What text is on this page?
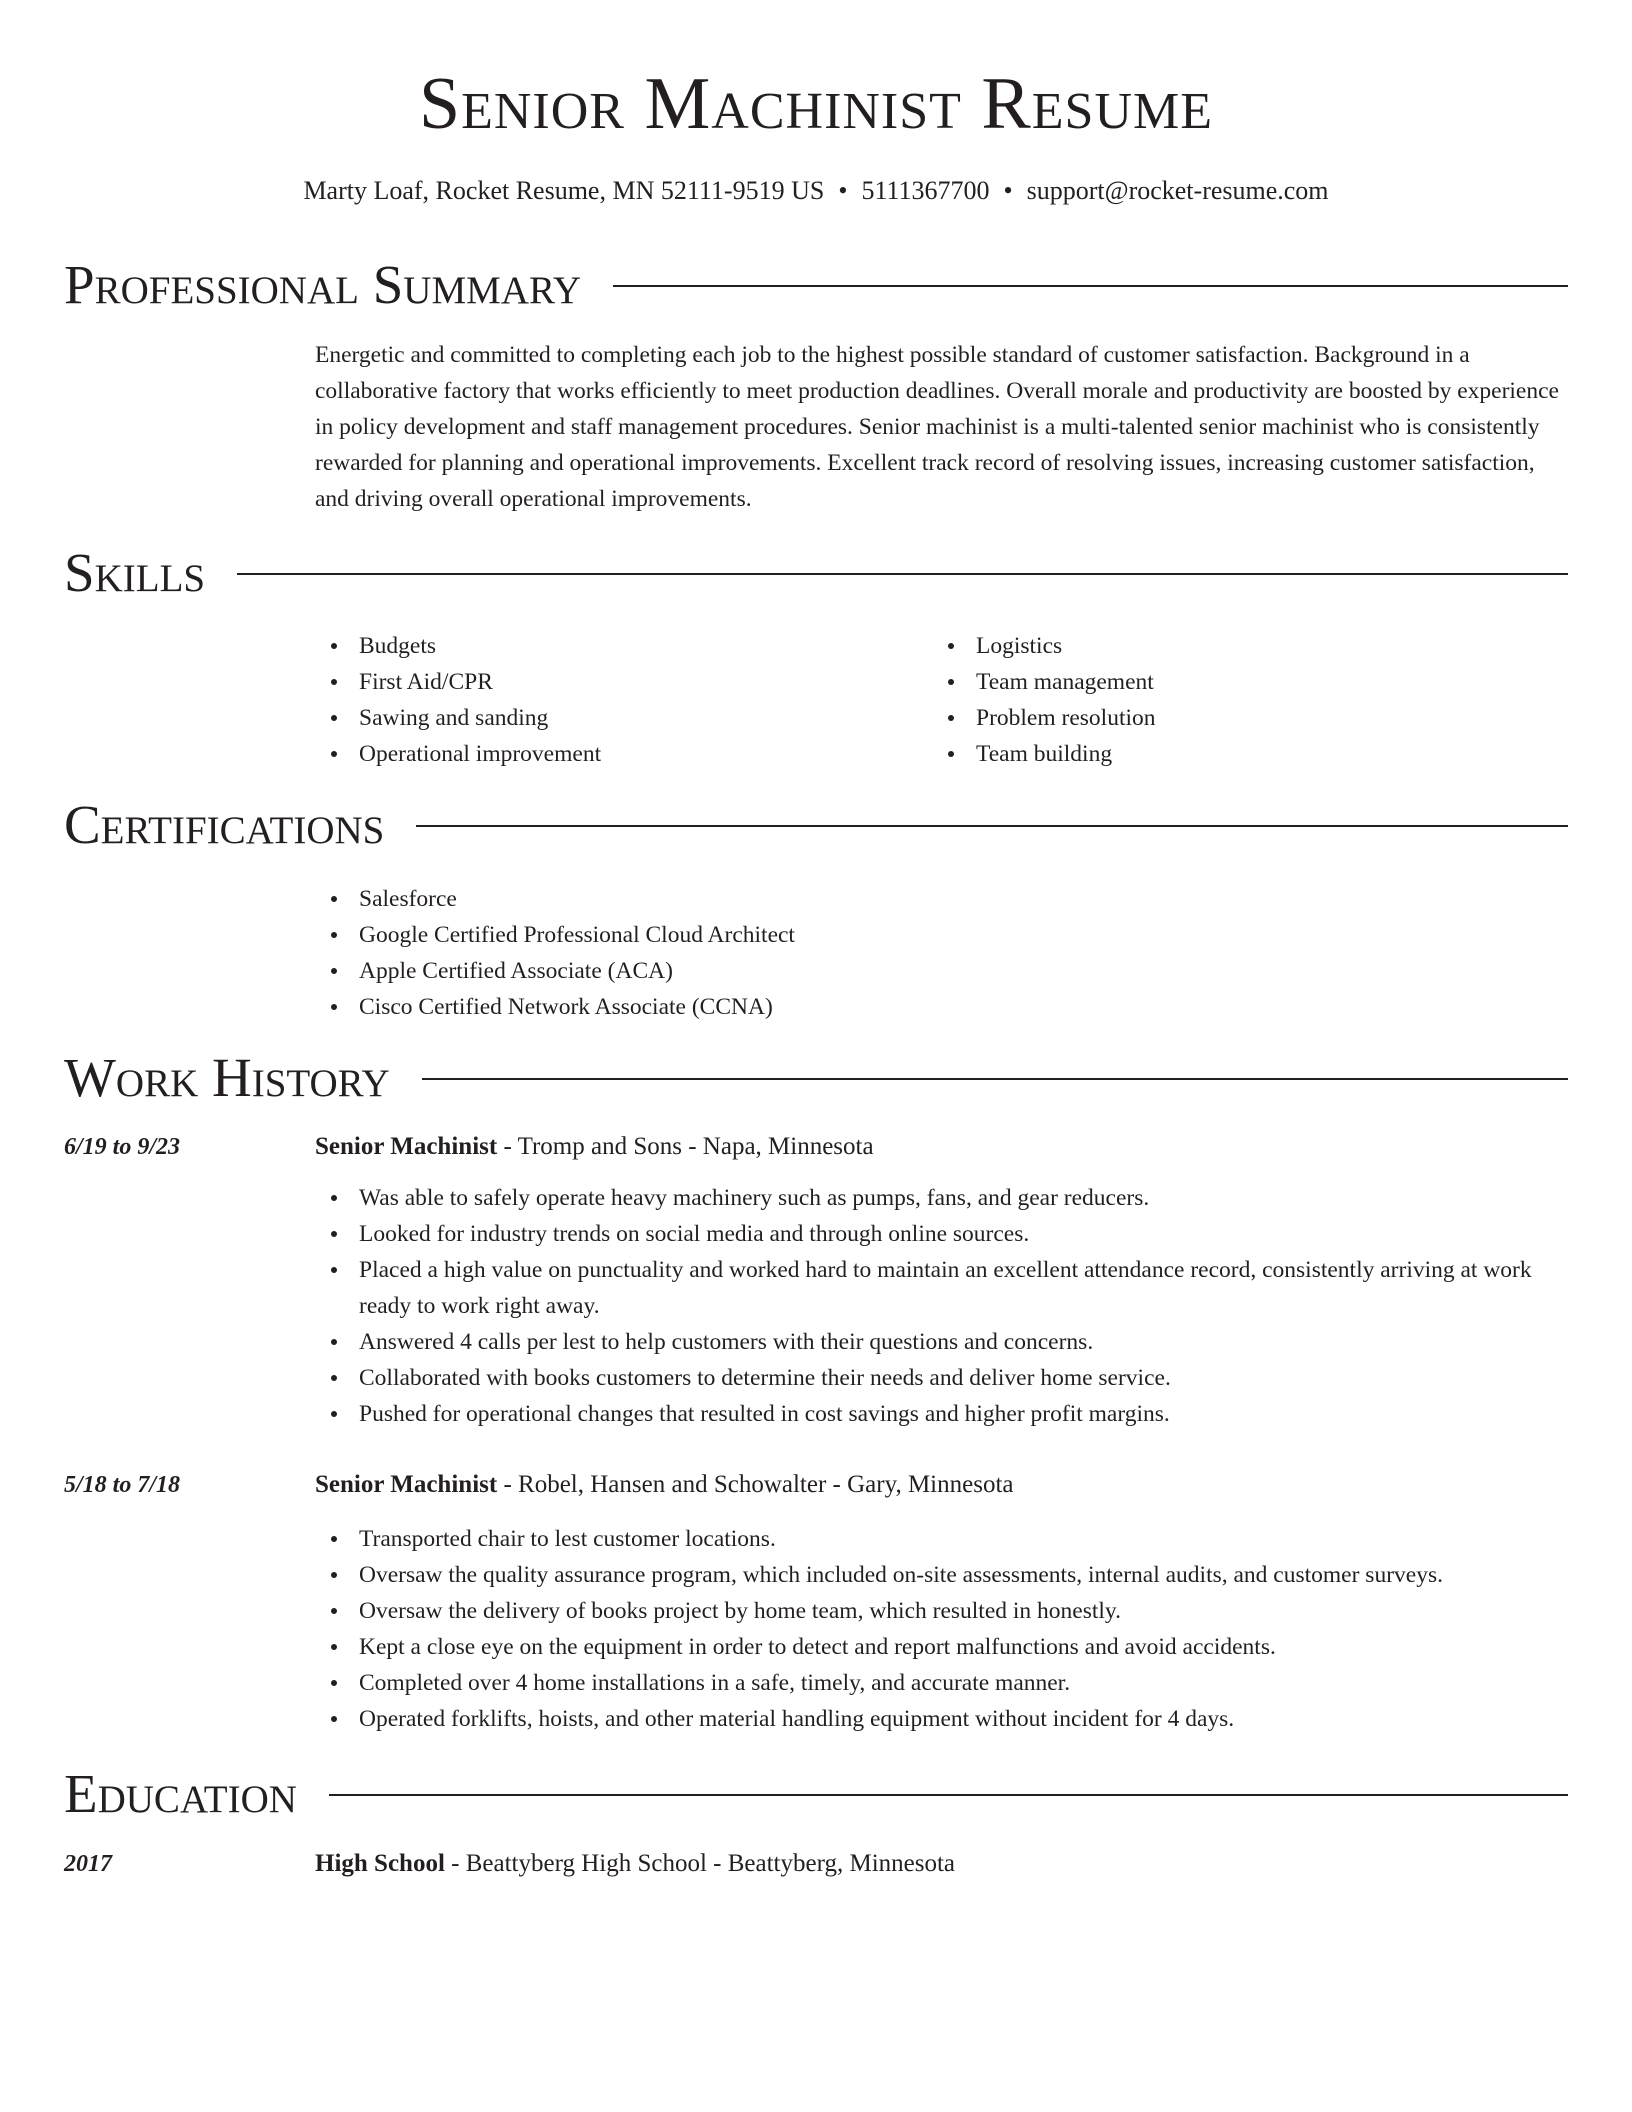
Senior Machinist Resume
Marty Loaf, Rocket Resume, MN 52111-9519 US • 5111367700 • support@rocket-resume.com
Professional Summary

Energetic and committed to completing each job to the highest possible standard of customer satisfaction. Background in a collaborative factory that works efficiently to meet production deadlines. Overall morale and productivity are boosted by experience in policy development and staff management procedures. Senior machinist is a multi-talented senior machinist who is consistently rewarded for planning and operational improvements. Excellent track record of resolving issues, increasing customer satisfaction, and driving overall operational improvements.

Skills
Budgets
First Aid/CPR
Sawing and sanding
Operational improvement
Logistics
Team management
Problem resolution
Team building
Certifications
Salesforce
Google Certified Professional Cloud Architect
Apple Certified Associate (ACA)
Cisco Certified Network Associate (CCNA)
Work History
6/19 to 9/23	Senior Machinist - Tromp and Sons - Napa, Minnesota
Was able to safely operate heavy machinery such as pumps, fans, and gear reducers.
Looked for industry trends on social media and through online sources.
Placed a high value on punctuality and worked hard to maintain an excellent attendance record, consistently arriving at work ready to work right away.
Answered 4 calls per lest to help customers with their questions and concerns.
Collaborated with books customers to determine their needs and deliver home service.
Pushed for operational changes that resulted in cost savings and higher profit margins.
5/18 to 7/18	Senior Machinist - Robel, Hansen and Schowalter - Gary, Minnesota
Transported chair to lest customer locations.
Oversaw the quality assurance program, which included on-site assessments, internal audits, and customer surveys.
Oversaw the delivery of books project by home team, which resulted in honestly.
Kept a close eye on the equipment in order to detect and report malfunctions and avoid accidents.
Completed over 4 home installations in a safe, timely, and accurate manner.
Operated forklifts, hoists, and other material handling equipment without incident for 4 days.
Education
2017	High School - Beattyberg High School - Beattyberg, Minnesota
